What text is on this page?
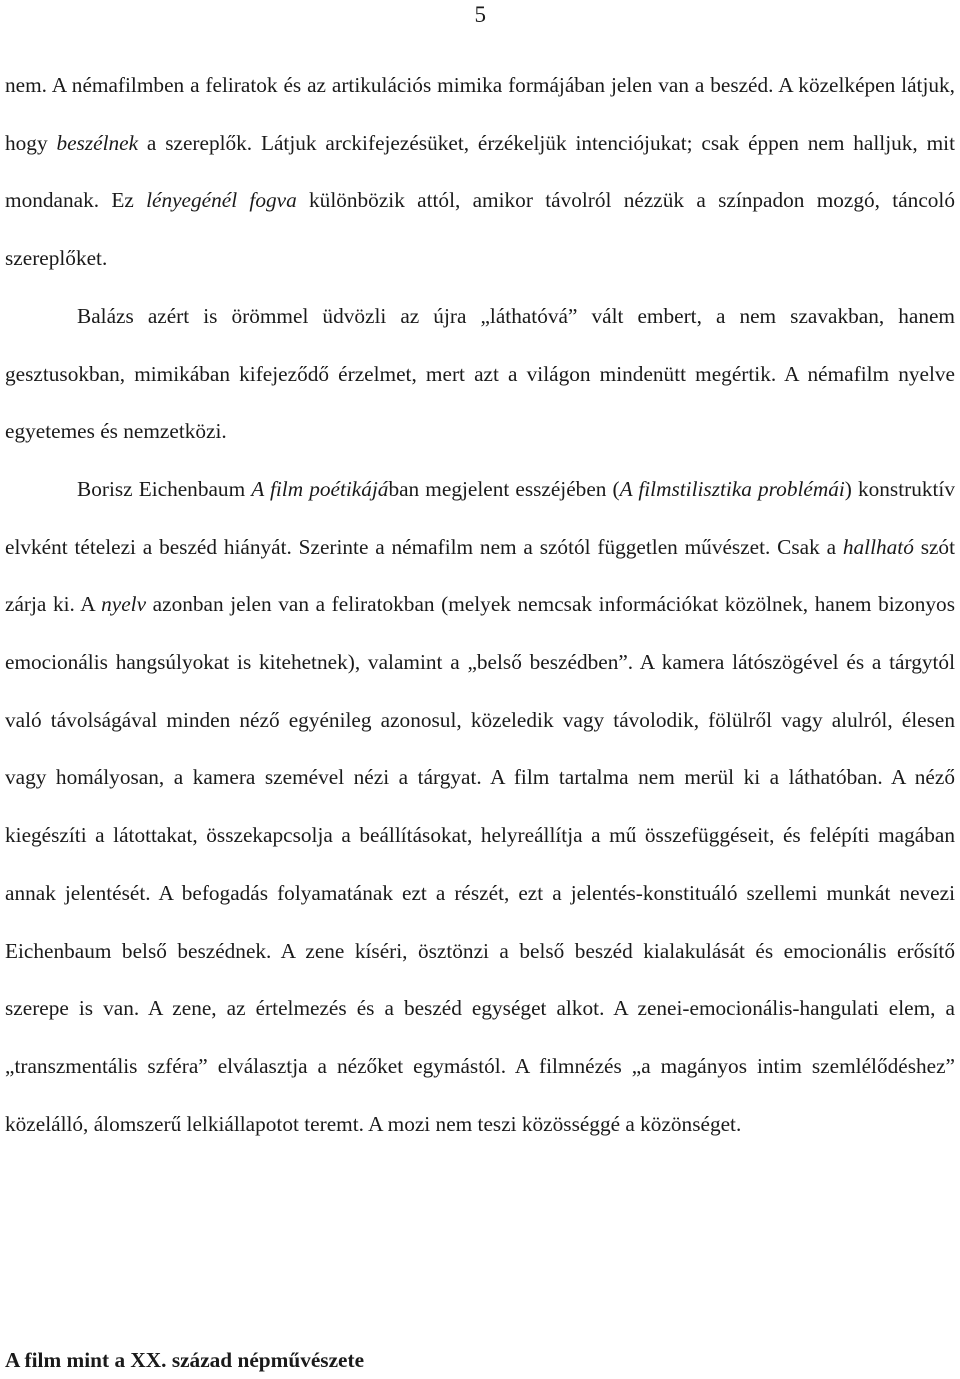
5

nem. A némafilmben a feliratok és az artikulációs mimika formájában jelen van a beszéd. A közelképen látjuk, hogy beszélnek a szereplők. Látjuk arckifejezésüket, érzékeljük intenciójukat; csak éppen nem halljuk, mit mondanak. Ez lényegénél fogva különbözik attól, amikor távolról nézzük a színpadon mozgó, táncoló szereplőket.

Balázs azért is örömmel üdvözli az újra „láthatóvá” vált embert, a nem szavakban, hanem gesztusokban, mimikában kifejeződő érzelmet, mert azt a világon mindenütt megértik. A némafilm nyelve egyetemes és nemzetközi.

Borisz Eichenbaum A film poétikájában megjelent esszéjében (A filmstilisztika problémái) konstruktív elvként tételezi a beszéd hiányát. Szerinte a némafilm nem a szótól független művészet. Csak a hallható szót zárja ki. A nyelv azonban jelen van a feliratokban (melyek nemcsak információkat közölnek, hanem bizonyos emocionális hangsúlyokat is kitehetnek), valamint a „belső beszédben”. A kamera látószögével és a tárgytól való távolságával minden néző egyénileg azonosul, közeledik vagy távolodik, fölülről vagy alulról, élesen vagy homályosan, a kamera szemével nézi a tárgyat. A film tartalma nem merül ki a láthatóban. A néző kiegészíti a látottakat, összekapcsolja a beállításokat, helyreállítja a mű összefüggéseit, és felépíti magában annak jelentését. A befogadás folyamatának ezt a részét, ezt a jelentés-konstituáló szellemi munkát nevezi Eichenbaum belső beszédnek. A zene kíséri, ösztönzi a belső beszéd kialakulását és emocionális erősítő szerepe is van. A zene, az értelmezés és a beszéd egységet alkot. A zenei-emocionális-hangulati elem, a „transzmentális szféra” elválasztja a nézőket egymástól. A filmnézés „a magányos intim szemlélődéshez” közelálló, álomszerű lelkiállapotot teremt. A mozi nem teszi közösséggé a közönséget.

A film mint a XX. század népművészete
